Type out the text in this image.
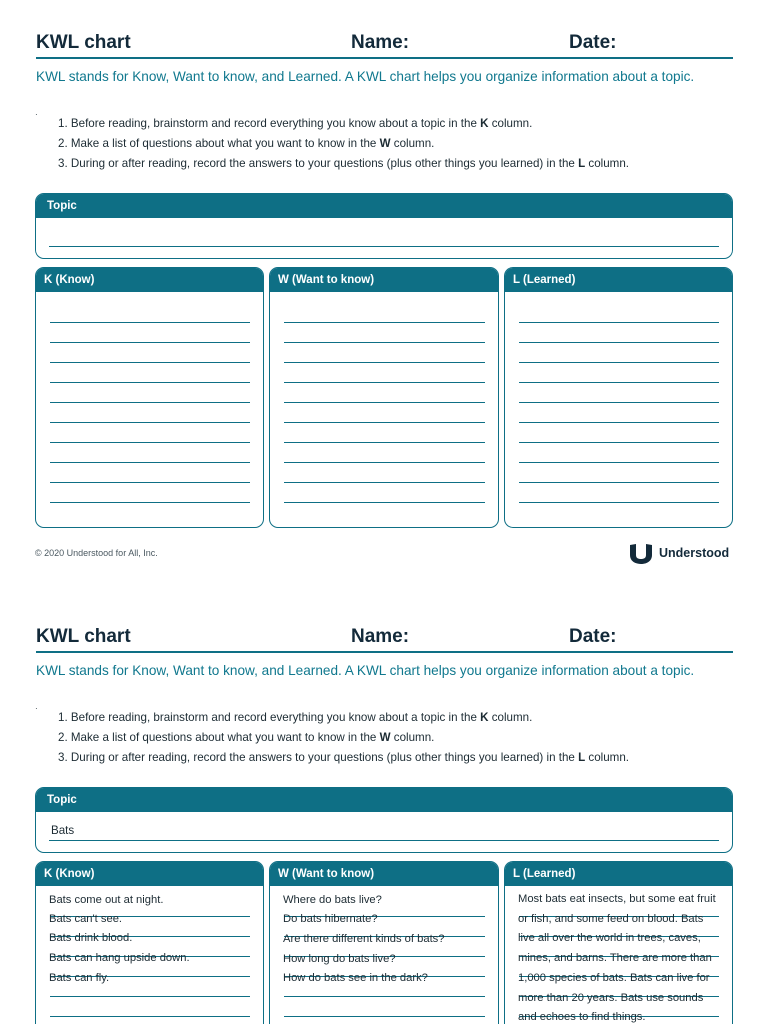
KWL chart	Name:	Date:

KWL stands for Know, Want to know, and Learned. A KWL chart helps you organize information about a topic.

·
1. Before reading, brainstorm and record everything you know about a topic in the K column.
2. Make a list of questions about what you want to know in the W column.
3. During or after reading, record the answers to your questions (plus other things you learned) in the L column.
Topic
K (Know)	W (Want to know)	L (Learned)
© 2020 Understood for All, Inc.	Understood
KWL chart	Name:	Date:

KWL stands for Know, Want to know, and Learned. A KWL chart helps you organize information about a topic.

·
1. Before reading, brainstorm and record everything you know about a topic in the K column.
2. Make a list of questions about what you want to know in the W column.
3. During or after reading, record the answers to your questions (plus other things you learned) in the L column.
Topic
Bats
K (Know)
Bats come out at night.
Bats can't see.
Bats drink blood.
Bats can hang upside down.
Bats can fly.
W (Want to know)
Where do bats live?
Do bats hibernate?
Are there different kinds of bats?
How long do bats live?
How do bats see in the dark?
L (Learned)

Most bats eat insects, but some eat fruit or fish, and some feed on blood. Bats live all over the world in trees, caves, mines, and barns. There are more than 1,000 species of bats. Bats can live for more than 20 years. Bats use sounds and echoes to find things.
